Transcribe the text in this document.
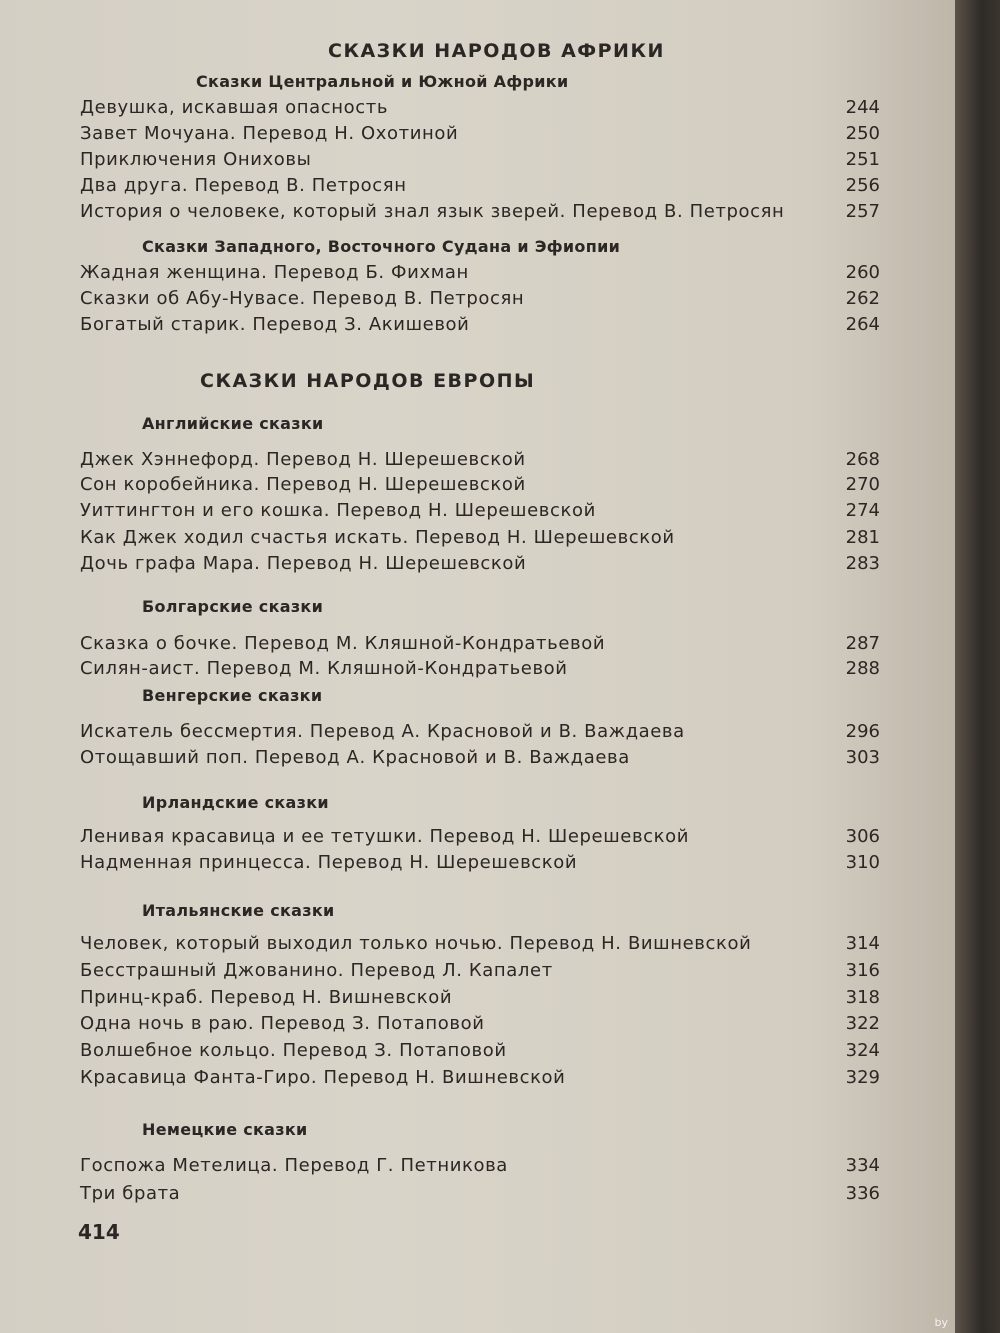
СКАЗКИ НАРОДОВ АФРИКИ
Сказки Центральной и Южной Африки
Девушка, искавшая опасность	244
Завет Мочуана. Перевод Н. Охотиной	250
Приключения Ониховы	251
Два друга. Перевод В. Петросян	256
История о человеке, который знал язык зверей. Перевод В. Петросян	257
Сказки Западного, Восточного Судана и Эфиопии
Жадная женщина. Перевод Б. Фихман	260
Сказки об Абу-Нувасе. Перевод В. Петросян	262
Богатый старик. Перевод З. Акишевой	264
СКАЗКИ НАРОДОВ ЕВРОПЫ
Английские сказки
Джек Хэннефорд. Перевод Н. Шерешевской	268
Сон коробейника. Перевод Н. Шерешевской	270
Уиттингтон и его кошка. Перевод Н. Шерешевской	274
Как Джек ходил счастья искать. Перевод Н. Шерешевской	281
Дочь графа Мара. Перевод Н. Шерешевской	283
Болгарские сказки
Сказка о бочке. Перевод М. Кляшной-Кондратьевой	287
Силян-аист. Перевод М. Кляшной-Кондратьевой	288
Венгерские сказки
Искатель бессмертия. Перевод А. Красновой и В. Важдаева	296
Отощавший поп. Перевод А. Красновой и В. Важдаева	303
Ирландские сказки
Ленивая красавица и ее тетушки. Перевод Н. Шерешевской	306
Надменная принцесса. Перевод Н. Шерешевской	310
Итальянские сказки
Человек, который выходил только ночью. Перевод Н. Вишневской	314
Бесстрашный Джованино. Перевод Л. Капалет	316
Принц-краб. Перевод Н. Вишневской	318
Одна ночь в раю. Перевод З. Потаповой	322
Волшебное кольцо. Перевод З. Потаповой	324
Красавица Фанта-Гиро. Перевод Н. Вишневской	329
Немецкие сказки
Госпожа Метелица. Перевод Г. Петникова	334
Три брата	336
414
by
